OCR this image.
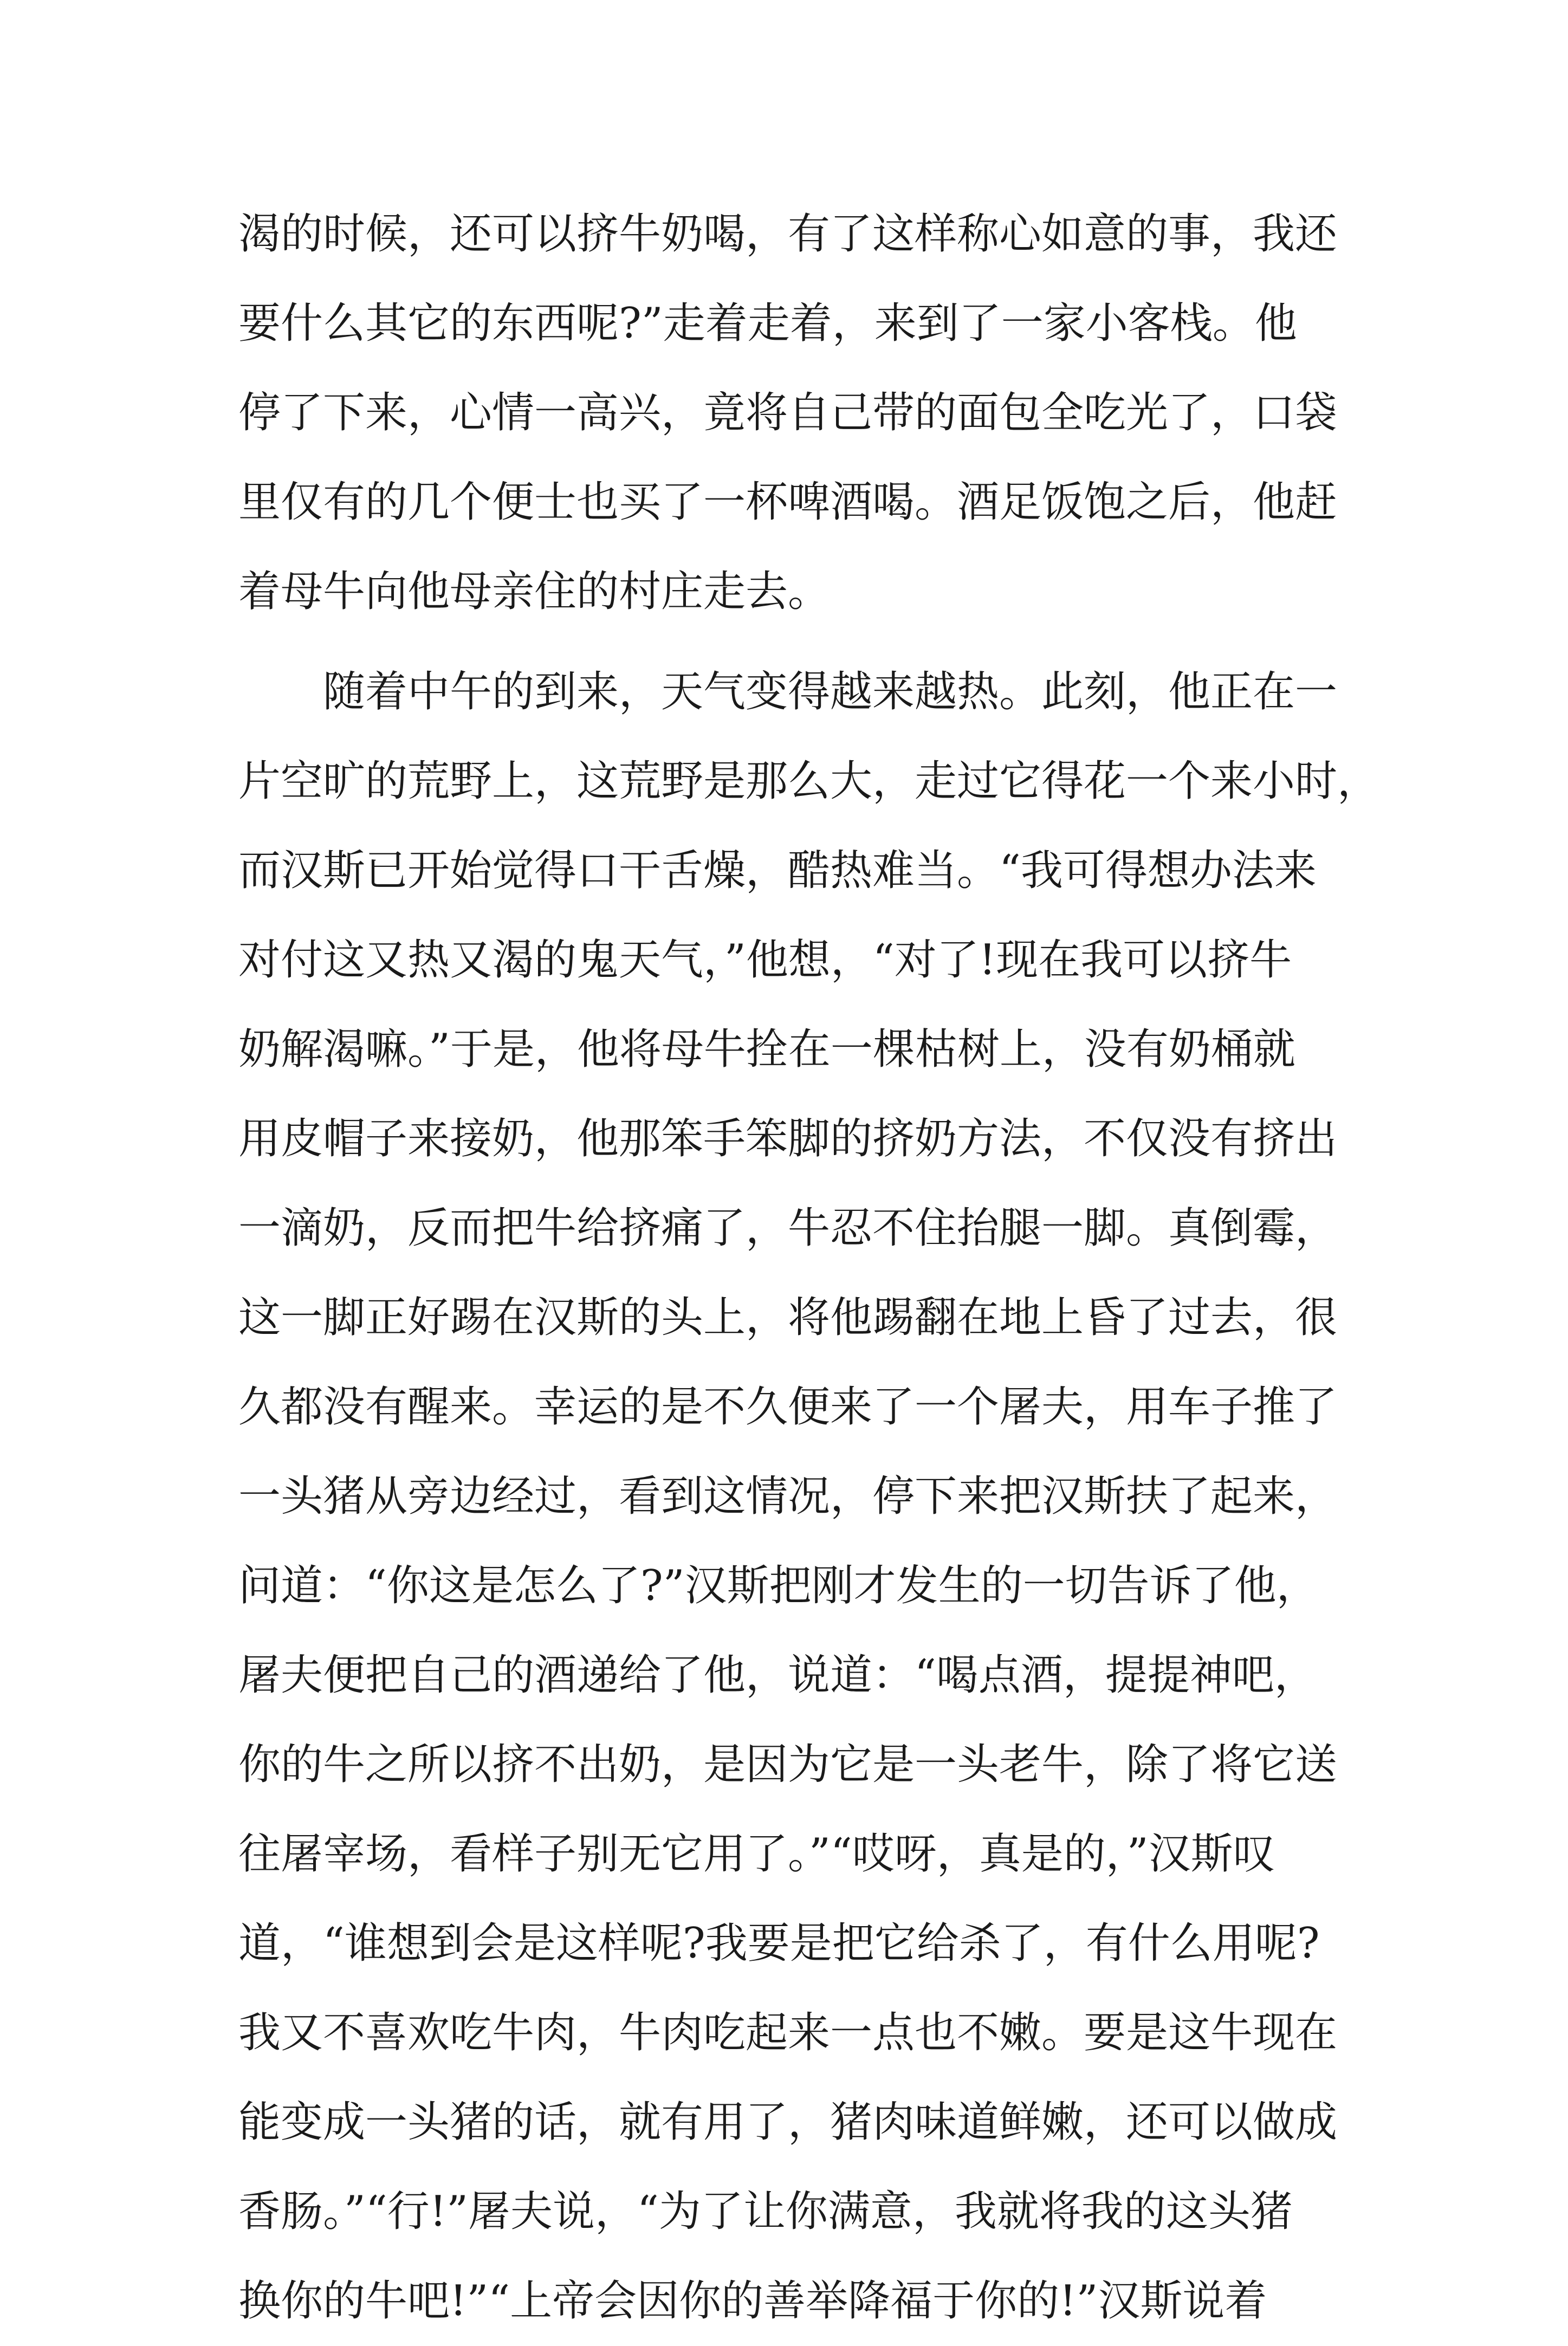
渴的时候，还可以挤牛奶喝，有了这样称心如意的事，我还
要什么其它的东西呢?”走着走着，来到了一家小客栈。他
停了下来，心情一高兴，竟将自己带的面包全吃光了，口袋
里仅有的几个便士也买了一杯啤酒喝。酒足饭饱之后，他赶
着母牛向他母亲住的村庄走去。
　　随着中午的到来，天气变得越来越热。此刻，他正在一
片空旷的荒野上，这荒野是那么大，走过它得花一个来小时，
而汉斯已开始觉得口干舌燥，酷热难当。“我可得想办法来
对付这又热又渴的鬼天气，”他想，“对了!现在我可以挤牛
奶解渴嘛。”于是，他将母牛拴在一棵枯树上，没有奶桶就
用皮帽子来接奶，他那笨手笨脚的挤奶方法，不仅没有挤出
一滴奶，反而把牛给挤痛了，牛忍不住抬腿一脚。真倒霉，
这一脚正好踢在汉斯的头上，将他踢翻在地上昏了过去，很
久都没有醒来。幸运的是不久便来了一个屠夫，用车子推了
一头猪从旁边经过，看到这情况，停下来把汉斯扶了起来，
问道：“你这是怎么了?”汉斯把刚才发生的一切告诉了他，
屠夫便把自己的酒递给了他，说道：“喝点酒，提提神吧，
你的牛之所以挤不出奶，是因为它是一头老牛，除了将它送
往屠宰场，看样子别无它用了。”“哎呀，真是的，”汉斯叹
道，“谁想到会是这样呢?我要是把它给杀了，有什么用呢?
我又不喜欢吃牛肉，牛肉吃起来一点也不嫩。要是这牛现在
能变成一头猪的话，就有用了，猪肉味道鲜嫩，还可以做成
香肠。”“行!”屠夫说，“为了让你满意，我就将我的这头猪
换你的牛吧!”“上帝会因你的善举降福于你的!”汉斯说着
